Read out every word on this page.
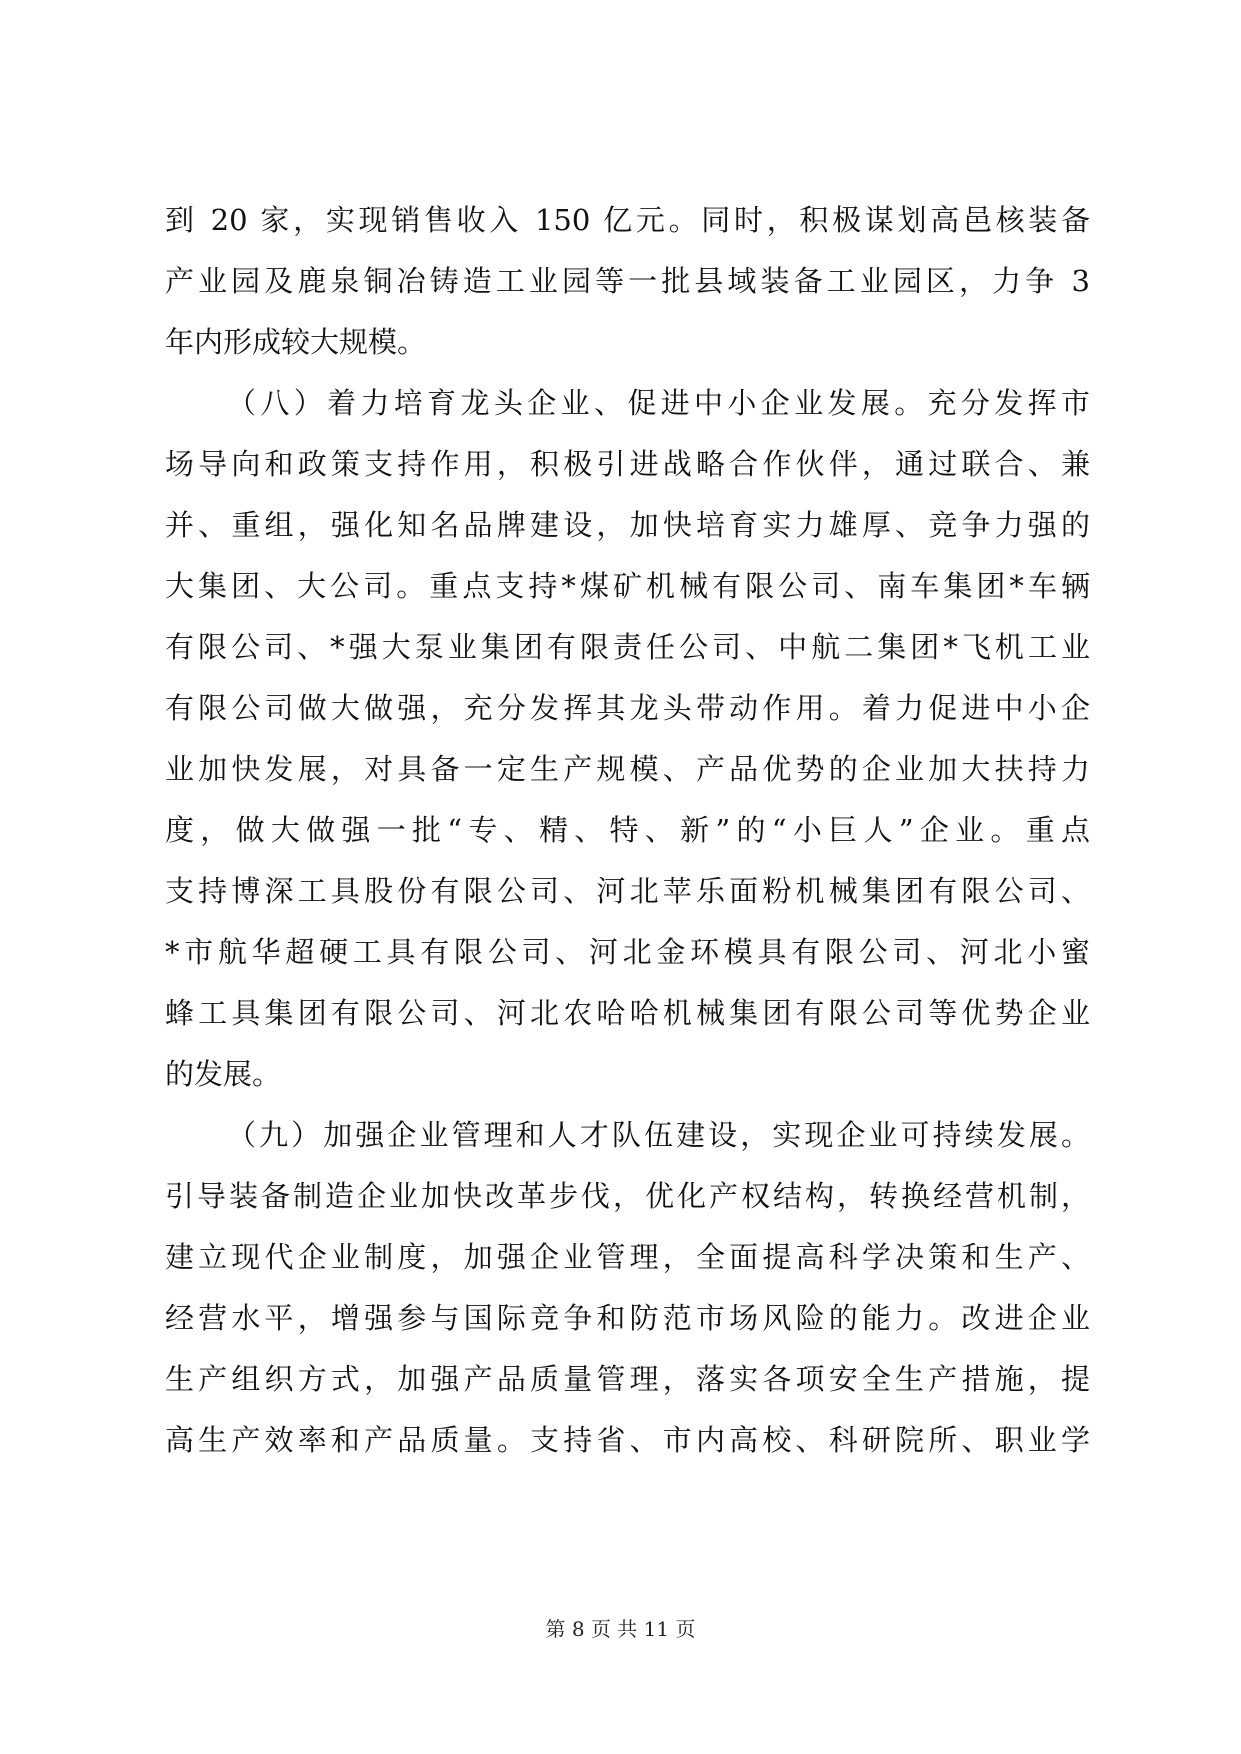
到 20 家，实现销售收入 150 亿元。同时，积极谋划高邑核装备
产业园及鹿泉铜冶铸造工业园等一批县域装备工业园区，力争 3
年内形成较大规模。
（八）着力培育龙头企业、促进中小企业发展。充分发挥市
场导向和政策支持作用，积极引进战略合作伙伴，通过联合、兼
并、重组，强化知名品牌建设，加快培育实力雄厚、竞争力强的
大集团、大公司。重点支持*煤矿机械有限公司、南车集团*车辆
有限公司、*强大泵业集团有限责任公司、中航二集团*飞机工业
有限公司做大做强，充分发挥其龙头带动作用。着力促进中小企
业加快发展，对具备一定生产规模、产品优势的企业加大扶持力
度，做大做强一批“专、精、特、新”的“小巨人”企业。重点
支持博深工具股份有限公司、河北苹乐面粉机械集团有限公司、
*市航华超硬工具有限公司、河北金环模具有限公司、河北小蜜
蜂工具集团有限公司、河北农哈哈机械集团有限公司等优势企业
的发展。
（九）加强企业管理和人才队伍建设，实现企业可持续发展。
引导装备制造企业加快改革步伐，优化产权结构，转换经营机制，
建立现代企业制度，加强企业管理，全面提高科学决策和生产、
经营水平，增强参与国际竞争和防范市场风险的能力。改进企业
生产组织方式，加强产品质量管理，落实各项安全生产措施，提
高生产效率和产品质量。支持省、市内高校、科研院所、职业学
第 8 页 共 11 页
